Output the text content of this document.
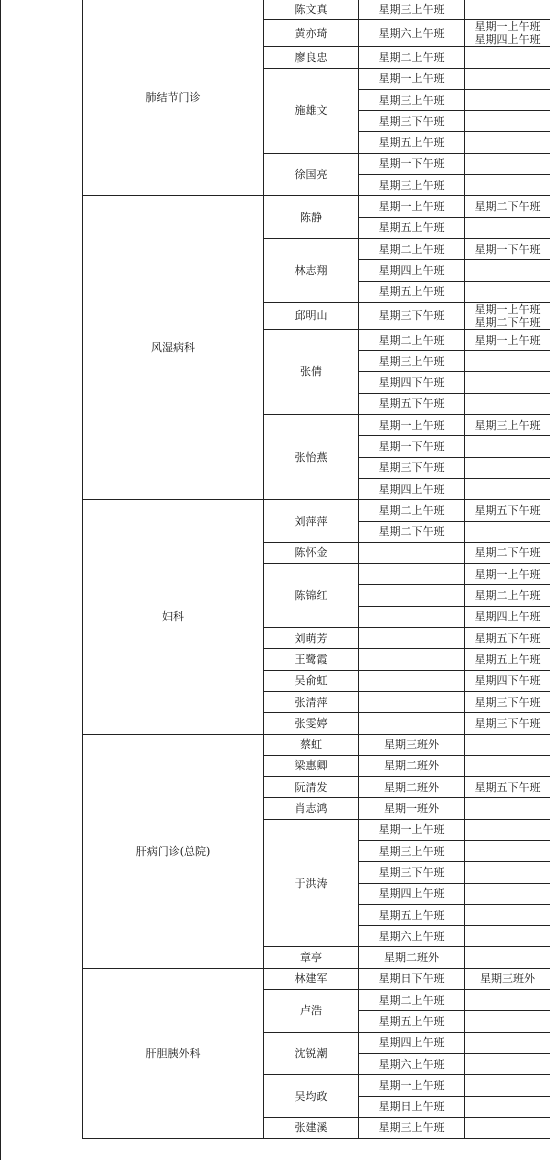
肺结节门诊	陈文真	星期三上午班	
	黄亦琦	星期六上午班	星期一上午班
星期四上午班

	廖良忠	星期二上午班	
	施雄文	星期一上午班	
		星期三上午班	
		星期三下午班	
		星期五上午班	
	徐国亮	星期一下午班	
		星期三上午班	
风湿病科	陈静	星期一上午班	星期二下午班

		星期五上午班	
	林志翔	星期二上午班	星期一下午班

		星期四上午班	
		星期五上午班	
	邱明山	星期三下午班	星期一上午班
星期二下午班

	张倩	星期二上午班	星期一上午班

		星期三上午班	
		星期四下午班	
		星期五下午班	
	张怡燕	星期一上午班	星期三上午班

		星期一下午班	
		星期三下午班	
		星期四上午班	
妇科	刘萍萍	星期二上午班	星期五下午班

		星期二下午班	
	陈怀金		星期二下午班

	陈锦红		星期一上午班

			星期二上午班

			星期四上午班

	刘萌芳		星期五下午班

	王鹭霞		星期五上午班

	吴俞虹		星期四下午班

	张清萍		星期三下午班

	张雯婷		星期三下午班

肝病门诊(总院)	蔡虹	星期三班外	
	梁惠卿	星期二班外	
	阮清发	星期二班外	星期五下午班

	肖志鸿	星期一班外	
	于洪涛	星期一上午班	
		星期三上午班	
		星期三下午班	
		星期四上午班	
		星期五上午班	
		星期六上午班	
	章亭	星期二班外	
肝胆胰外科	林建军	星期日下午班	星期三班外

	卢浩	星期二上午班	
		星期五上午班	
	沈锐潮	星期四上午班	
		星期六上午班	
	吴均政	星期一上午班	
		星期日上午班	
	张建溪	星期三上午班	
